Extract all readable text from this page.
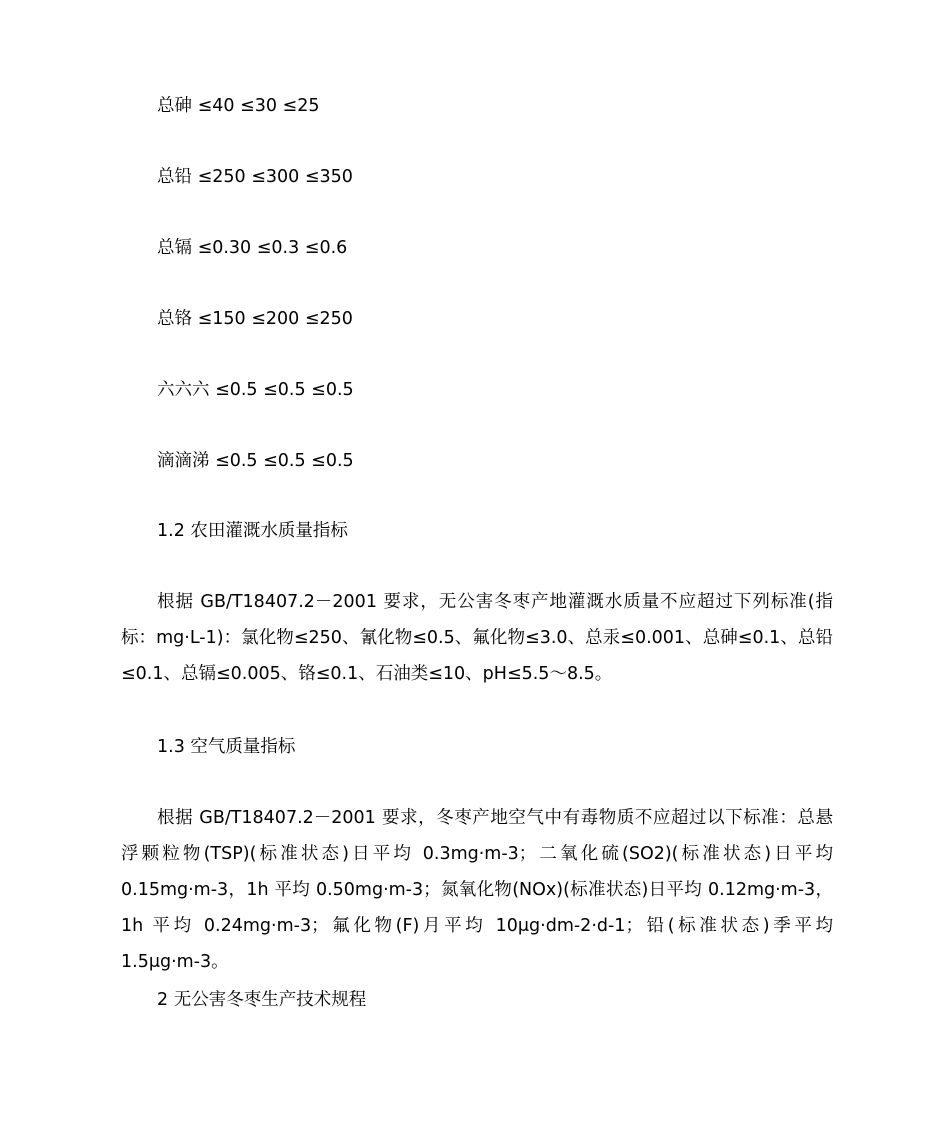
总砷 ≤40 ≤30 ≤25
总铅 ≤250 ≤300 ≤350
总镉 ≤0.30 ≤0.3 ≤0.6
总铬 ≤150 ≤200 ≤250
六六六 ≤0.5 ≤0.5 ≤0.5
滴滴涕 ≤0.5 ≤0.5 ≤0.5
1.2 农田灌溉水质量指标
根据 GB/T18407.2－2001 要求，无公害冬枣产地灌溉水质量不应超过下列标准(指标：mg·L-1)：氯化物≤250、氰化物≤0.5、氟化物≤3.0、总汞≤0.001、总砷≤0.1、总铅≤0.1、总镉≤0.005、铬≤0.1、石油类≤10、pH≤5.5～8.5。
1.3 空气质量指标
根据 GB/T18407.2－2001 要求，冬枣产地空气中有毒物质不应超过以下标准：总悬浮颗粒物(TSP)(标准状态)日平均 0.3mg·m-3；二氧化硫(SO2)(标准状态)日平均 0.15mg·m-3，1h 平均 0.50mg·m-3；氮氧化物(NOx)(标准状态)日平均 0.12mg·m-3，1h 平均 0.24mg·m-3；氟化物(F)月平均 10μg·dm-2·d-1；铅(标准状态)季平均 1.5μg·m-3。
2 无公害冬枣生产技术规程
